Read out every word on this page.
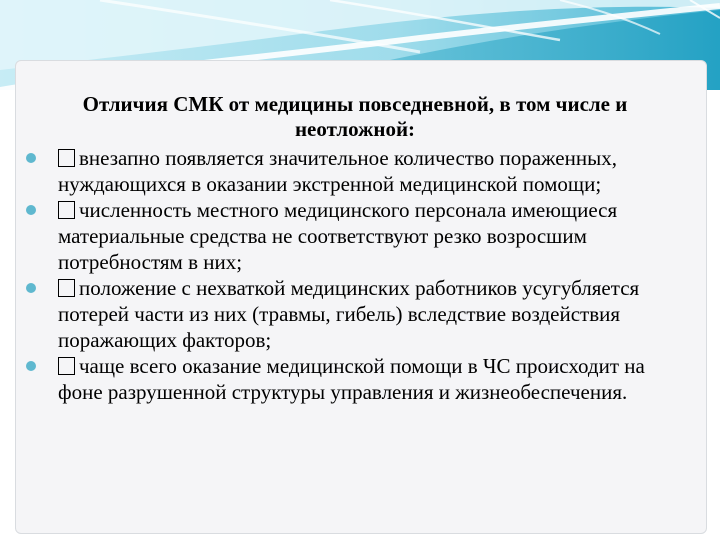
Отличия СМК от медицины повседневной, в том числе и неотложной:
внезапно появляется значительное количество пораженных, нуждающихся в оказании экстренной медицинской помощи;
численность местного медицинского персонала имеющиеся материальные средства не соответствуют резко возросшим потребностям в них;
положение с нехваткой медицинских работников усугубляется потерей части из них (травмы, гибель) вследствие воздействия поражающих факторов;
чаще всего оказание медицинской помощи в ЧС происходит на фоне разрушенной структуры управления и жизнеобеспечения.
